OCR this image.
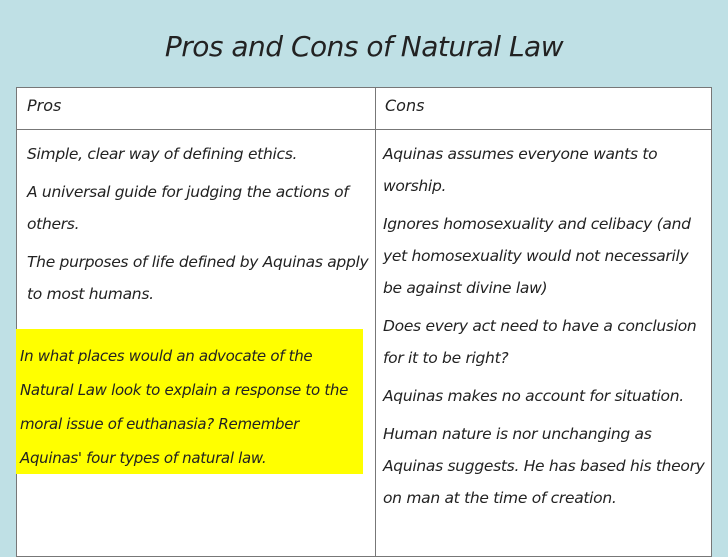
Pros and Cons of Natural Law
Pros	Cons
Simple, clear way of defining ethics.
A universal guide for judging the actions of others.
The purposes of life defined by Aquinas apply to most humans.
Aquinas assumes everyone wants to worship.
Ignores homosexuality and celibacy (and yet homosexuality would not necessarily be against divine law)
Does every act need to have a conclusion for it to be right?
Aquinas makes no account for situation.
Human nature is nor unchanging as Aquinas suggests. He has based his theory on man at the time of creation.
In what places would an advocate of the Natural Law look to explain a response to the moral issue of euthanasia? Remember Aquinas' four types of natural law.
